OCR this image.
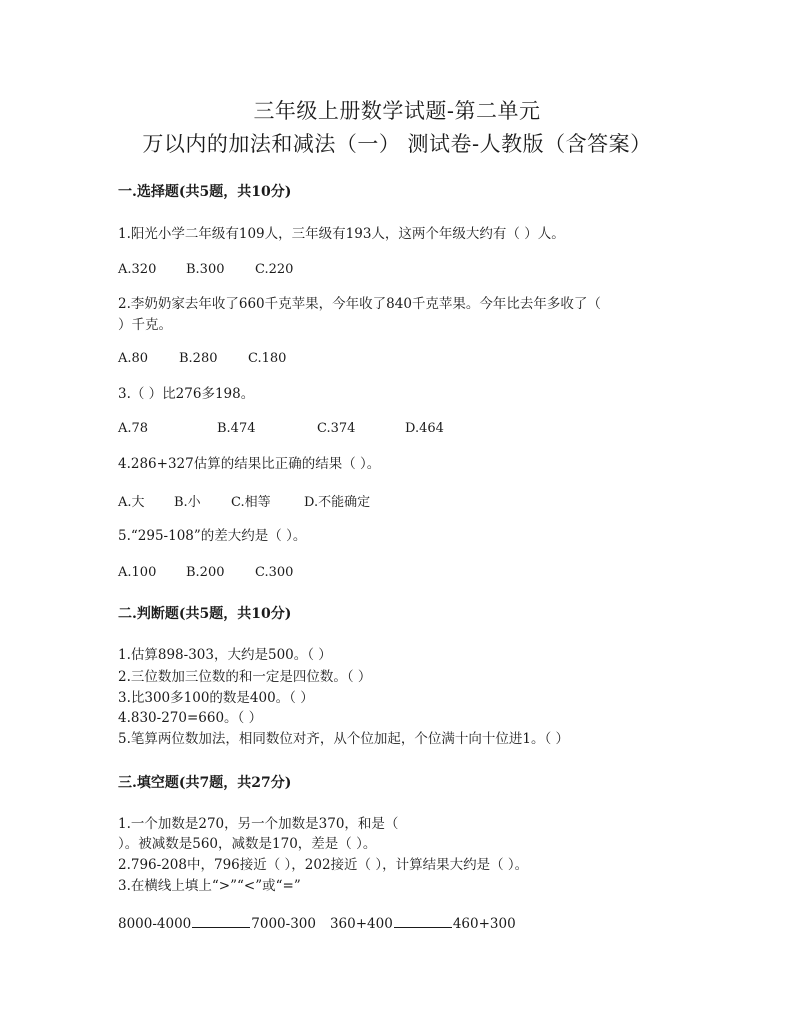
三年级上册数学试题-第二单元
万以内的加法和减法（一） 测试卷-人教版（含答案）
一.选择题(共5题，共10分)
1.阳光小学二年级有109人，三年级有193人，这两个年级大约有（ ）人。
A.320 B.300 C.220
2.李奶奶家去年收了660千克苹果，今年收了840千克苹果。今年比去年多收了（
）千克。
A.80 B.280 C.180
3.（ ）比276多198。
A.78	B.474	C.374	D.464
4.286+327估算的结果比正确的结果（ ）。
A.大 B.小 C.相等	D.不能确定
5.“295-108”的差大约是（ ）。
A.100 B.200 C.300
二.判断题(共5题，共10分)
1.估算898-303，大约是500。（ ）
2.三位数加三位数的和一定是四位数。（ ）
3.比300多100的数是400。（ ）
4.830-270=660。（ ）
5.笔算两位数加法，相同数位对齐，从个位加起，个位满十向十位进1。（ ）
三.填空题(共7题，共27分)
1.一个加数是270，另一个加数是370，和是（
）。被减数是560，减数是170，差是（ ）。
2.796-208中，796接近（ ），202接近（ ），计算结果大约是（ ）。
3.在横线上填上“>”“<”或“=”
8000-4000	7000-300 360+400	460+300
